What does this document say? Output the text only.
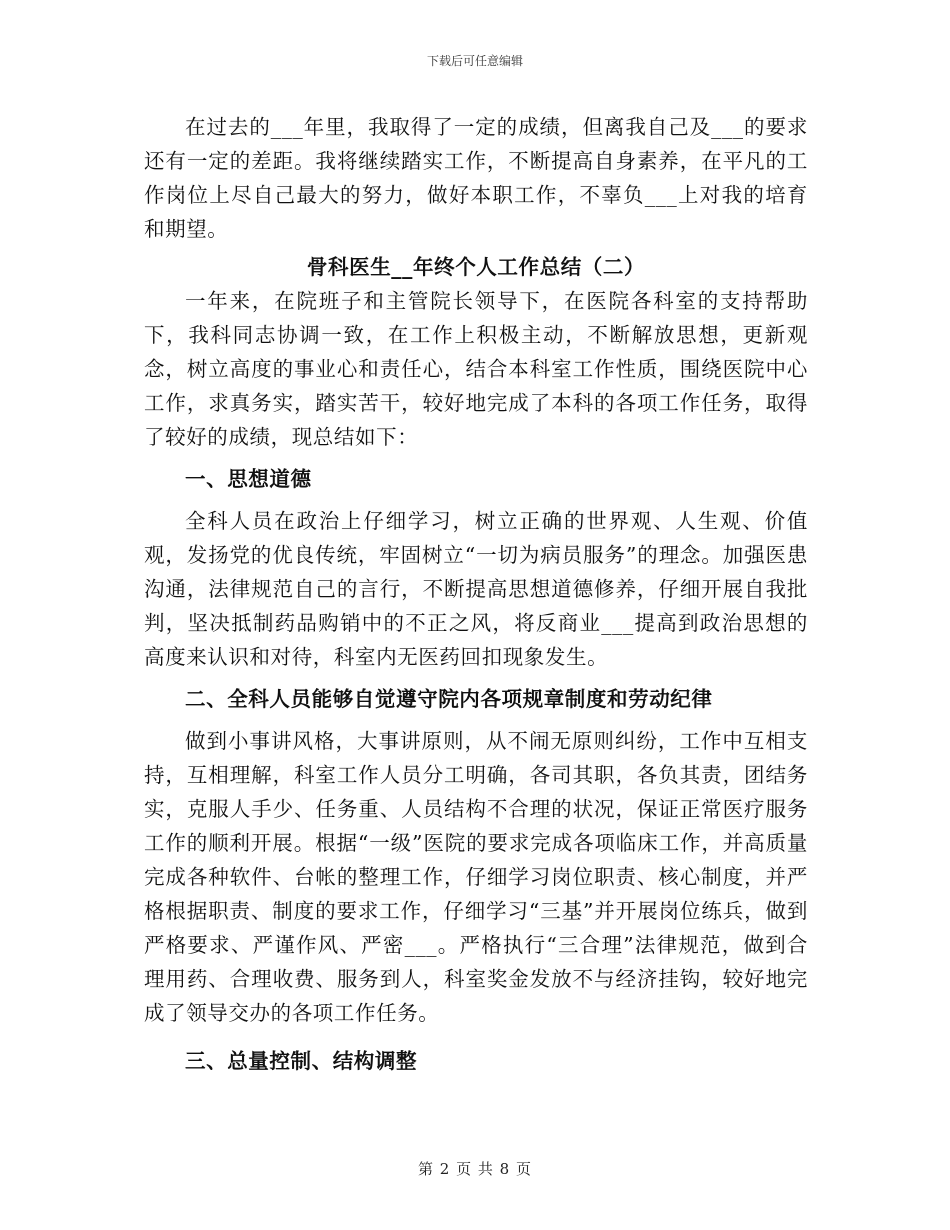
下载后可任意编辑

在过去的___年里，我取得了一定的成绩，但离我自己及___的要求还有一定的差距。我将继续踏实工作，不断提高自身素养，在平凡的工作岗位上尽自己最大的努力，做好本职工作，不辜负___上对我的培育和期望。

骨科医生__年终个人工作总结（二）

一年来，在院班子和主管院长领导下，在医院各科室的支持帮助下，我科同志协调一致，在工作上积极主动，不断解放思想，更新观念，树立高度的事业心和责任心，结合本科室工作性质，围绕医院中心工作，求真务实，踏实苦干，较好地完成了本科的各项工作任务，取得了较好的成绩，现总结如下：

一、思想道德

全科人员在政治上仔细学习，树立正确的世界观、人生观、价值观，发扬党的优良传统，牢固树立“一切为病员服务”的理念。加强医患沟通，法律规范自己的言行，不断提高思想道德修养，仔细开展自我批判，坚决抵制药品购销中的不正之风，将反商业___提高到政治思想的高度来认识和对待，科室内无医药回扣现象发生。

二、全科人员能够自觉遵守院内各项规章制度和劳动纪律

做到小事讲风格，大事讲原则，从不闹无原则纠纷，工作中互相支持，互相理解，科室工作人员分工明确，各司其职，各负其责，团结务实，克服人手少、任务重、人员结构不合理的状况，保证正常医疗服务工作的顺利开展。根据“一级”医院的要求完成各项临床工作，并高质量完成各种软件、台帐的整理工作，仔细学习岗位职责、核心制度，并严格根据职责、制度的要求工作，仔细学习“三基”并开展岗位练兵，做到严格要求、严谨作风、严密___。严格执行“三合理”法律规范，做到合理用药、合理收费、服务到人，科室奖金发放不与经济挂钩，较好地完成了领导交办的各项工作任务。

三、总量控制、结构调整
第 2 页 共 8 页
